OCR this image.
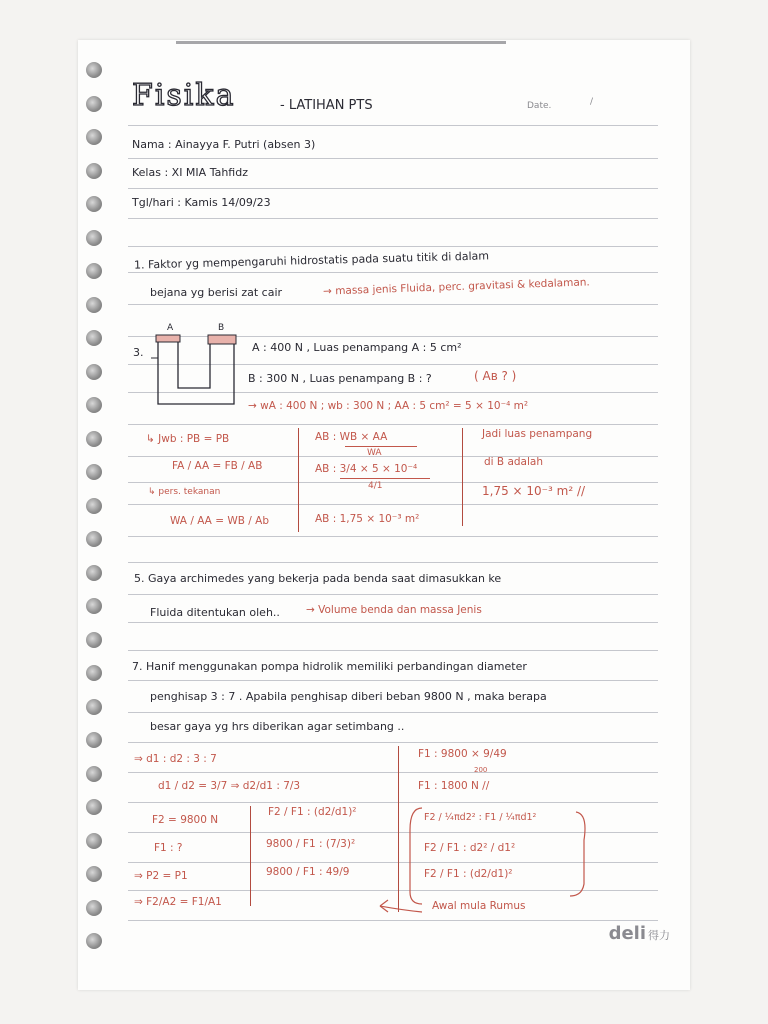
Fisika	- LATIHAN PTS	Date.	/
Nama : Ainayya F. Putri (absen 3)
Kelas : XI MIA Tahfidz
Tgl/hari : Kamis 14/09/23
1. Faktor yg mempengaruhi hidrostatis pada suatu titik di dalam
bejana yg berisi zat cair	→ massa jenis Fluida, perc. gravitasi & kedalaman.
3.
A	B
A : 400 N , Luas penampang A : 5 cm²
B : 300 N , Luas penampang B : ?	( Aʙ ? )
→ wA : 400 N ; wb : 300 N ; AA : 5 cm² = 5 × 10⁻⁴ m²
↳ Jwb : PB = PB
FA / AA = FB / AB
↳ pers. tekanan
WA / AA = WB / Ab
AB : WB × AA
WA
AB : 3/4 × 5 × 10⁻⁴
4/1
AB : 1,75 × 10⁻³ m²
Jadi luas penampang
di B adalah
1,75 × 10⁻³ m² //
5. Gaya archimedes yang bekerja pada benda saat dimasukkan ke
Fluida ditentukan oleh.. → Volume benda dan massa Jenis
7. Hanif menggunakan pompa hidrolik memiliki perbandingan diameter
penghisap 3 : 7 . Apabila penghisap diberi beban 9800 N , maka berapa
besar gaya yg hrs diberikan agar setimbang ..
⇒ d1 : d2 : 3 : 7
d1 / d2 = 3/7 ⇒ d2/d1 : 7/3
F2 = 9800 N
F1 : ?
⇒ P2 = P1
⇒ F2/A2 = F1/A1
F2 / F1 : (d2/d1)²
9800 / F1 : (7/3)²
9800 / F1 : 49/9
F1 : 9800 × 9/49
200
F1 : 1800 N //
F2 / ¼πd2² : F1 / ¼πd1²
F2 / F1 : d2² / d1²
F2 / F1 : (d2/d1)²
Awal mula Rumus
deli 得力
